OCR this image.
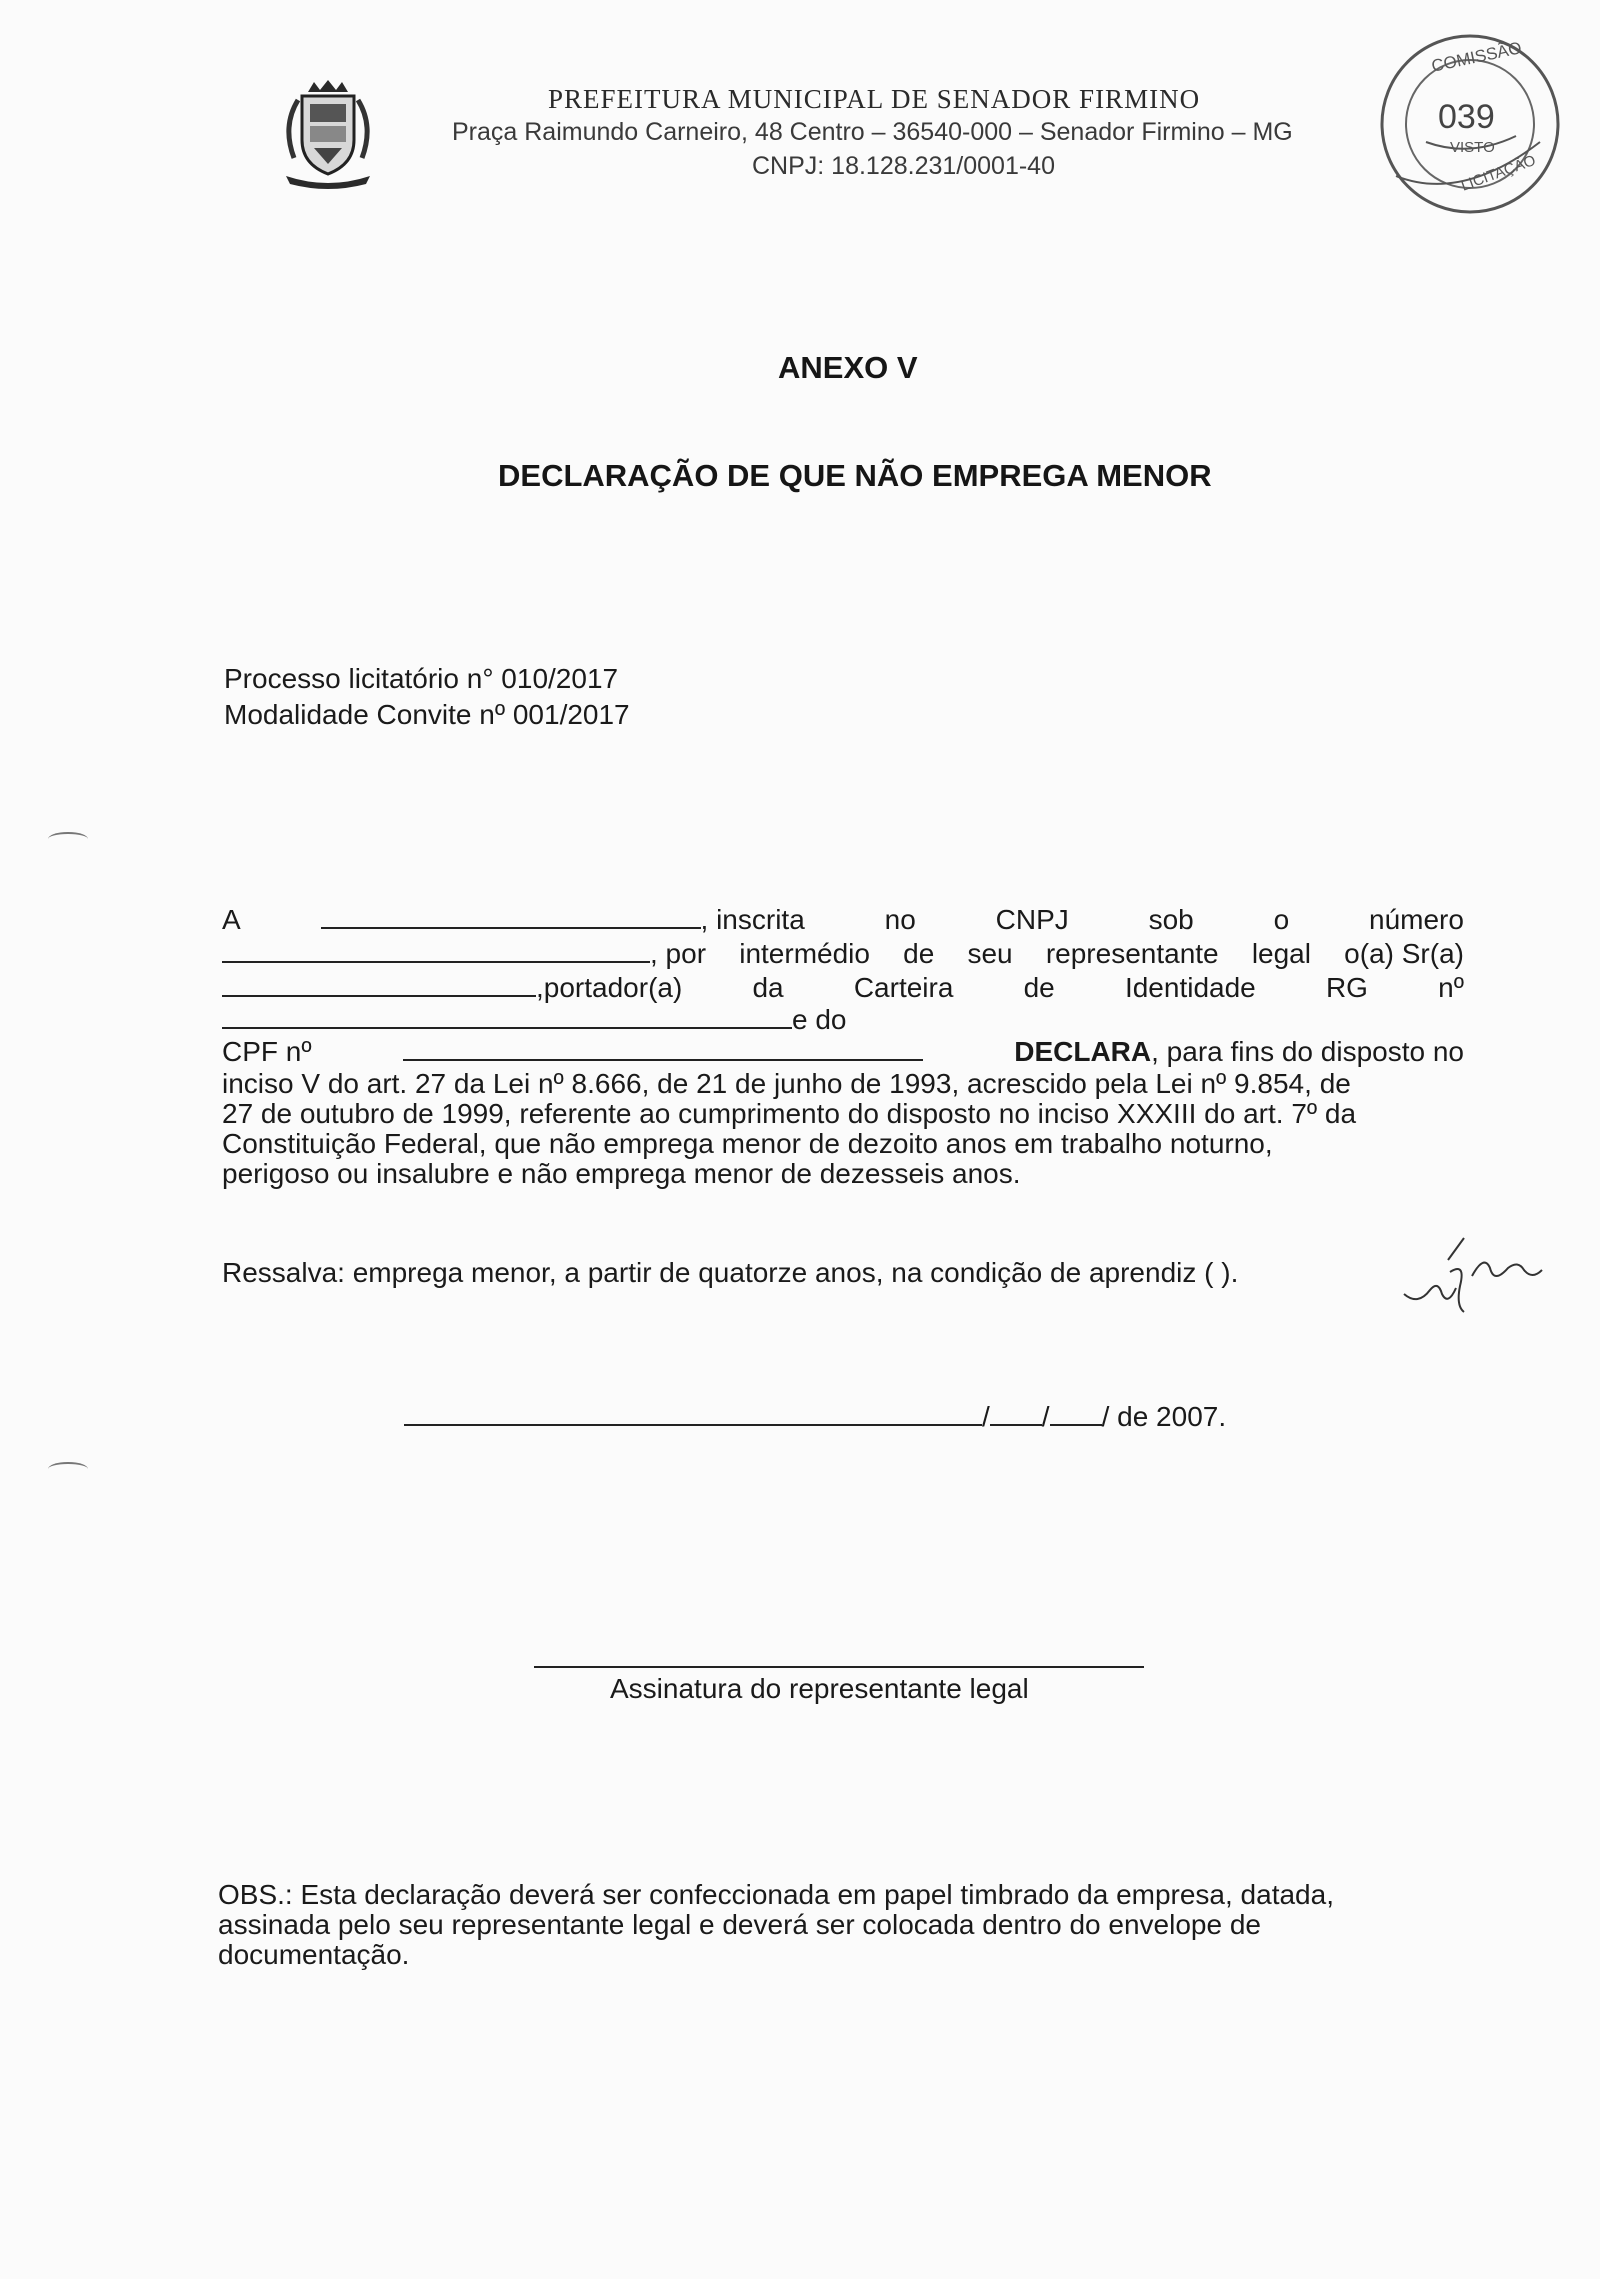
PREFEITURA MUNICIPAL DE SENADOR FIRMINO
Praça Raimundo Carneiro, 48 Centro – 36540-000 – Senador Firmino – MG
CNPJ: 18.128.231/0001-40
COMISSÃO
039
VISTO
LICITAÇÃO
ANEXO V
DECLARAÇÃO DE QUE NÃO EMPREGA MENOR
Processo licitatório n° 010/2017
Modalidade Convite nº 001/2017
A	, inscrita	no	CNPJ	sob	o	número
, por intermédio de seu representante legal o(a) Sr(a)
,portador(a)	da	Carteira	de	Identidade	RG	nº
e do
CPF nº	DECLARA, para fins do disposto no
inciso V do art. 27 da Lei nº 8.666, de 21 de junho de 1993, acrescido pela Lei nº 9.854, de
27 de outubro de 1999, referente ao cumprimento do disposto no inciso XXXIII do art. 7º da
Constituição Federal, que não emprega menor de dezoito anos em trabalho noturno,
perigoso ou insalubre e não emprega menor de dezesseis anos.
Ressalva: emprega menor, a partir de quatorze anos, na condição de aprendiz ( ).
/ / / de 2007.
Assinatura do representante legal
OBS.: Esta declaração deverá ser confeccionada em papel timbrado da empresa, datada,
assinada pelo seu representante legal e deverá ser colocada dentro do envelope de
documentação.
